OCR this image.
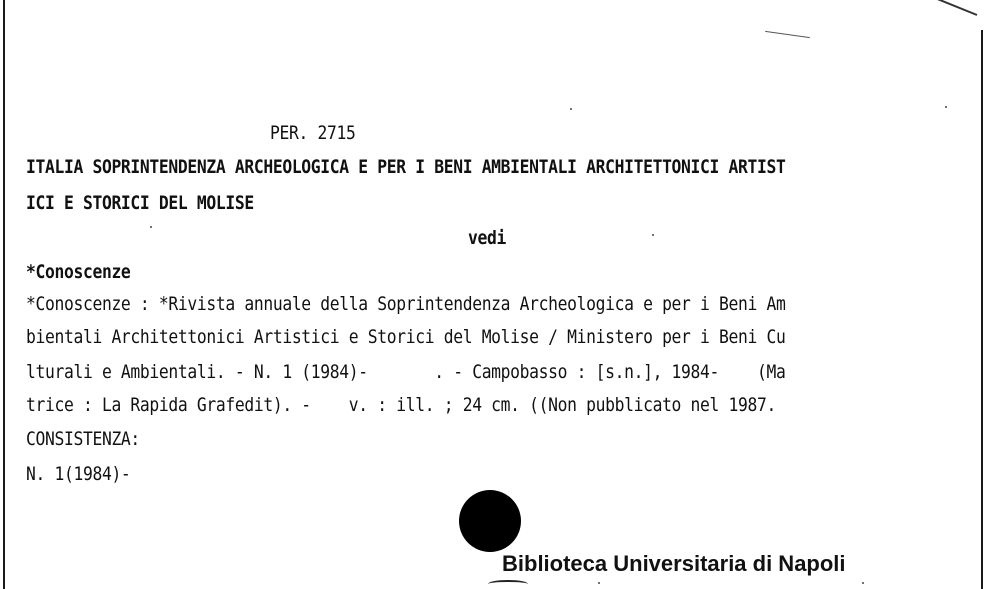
PER. 2715
ITALIA SOPRINTENDENZA ARCHEOLOGICA E PER I BENI AMBIENTALI ARCHITETTONICI ARTIST
ICI E STORICI DEL MOLISE
vedi
*Conoscenze
*Conoscenze : *Rivista annuale della Soprintendenza Archeologica e per i Beni Am
bientali Architettonici Artistici e Storici del Molise / Ministero per i Beni Cu
lturali e Ambientali. - N. 1 (1984)-       . - Campobasso : [s.n.], 1984-    (Ma
trice : La Rapida Grafedit). -    v. : ill. ; 24 cm. ((Non pubblicato nel 1987.
CONSISTENZA:
N. 1(1984)-
Biblioteca Universitaria di Napoli
